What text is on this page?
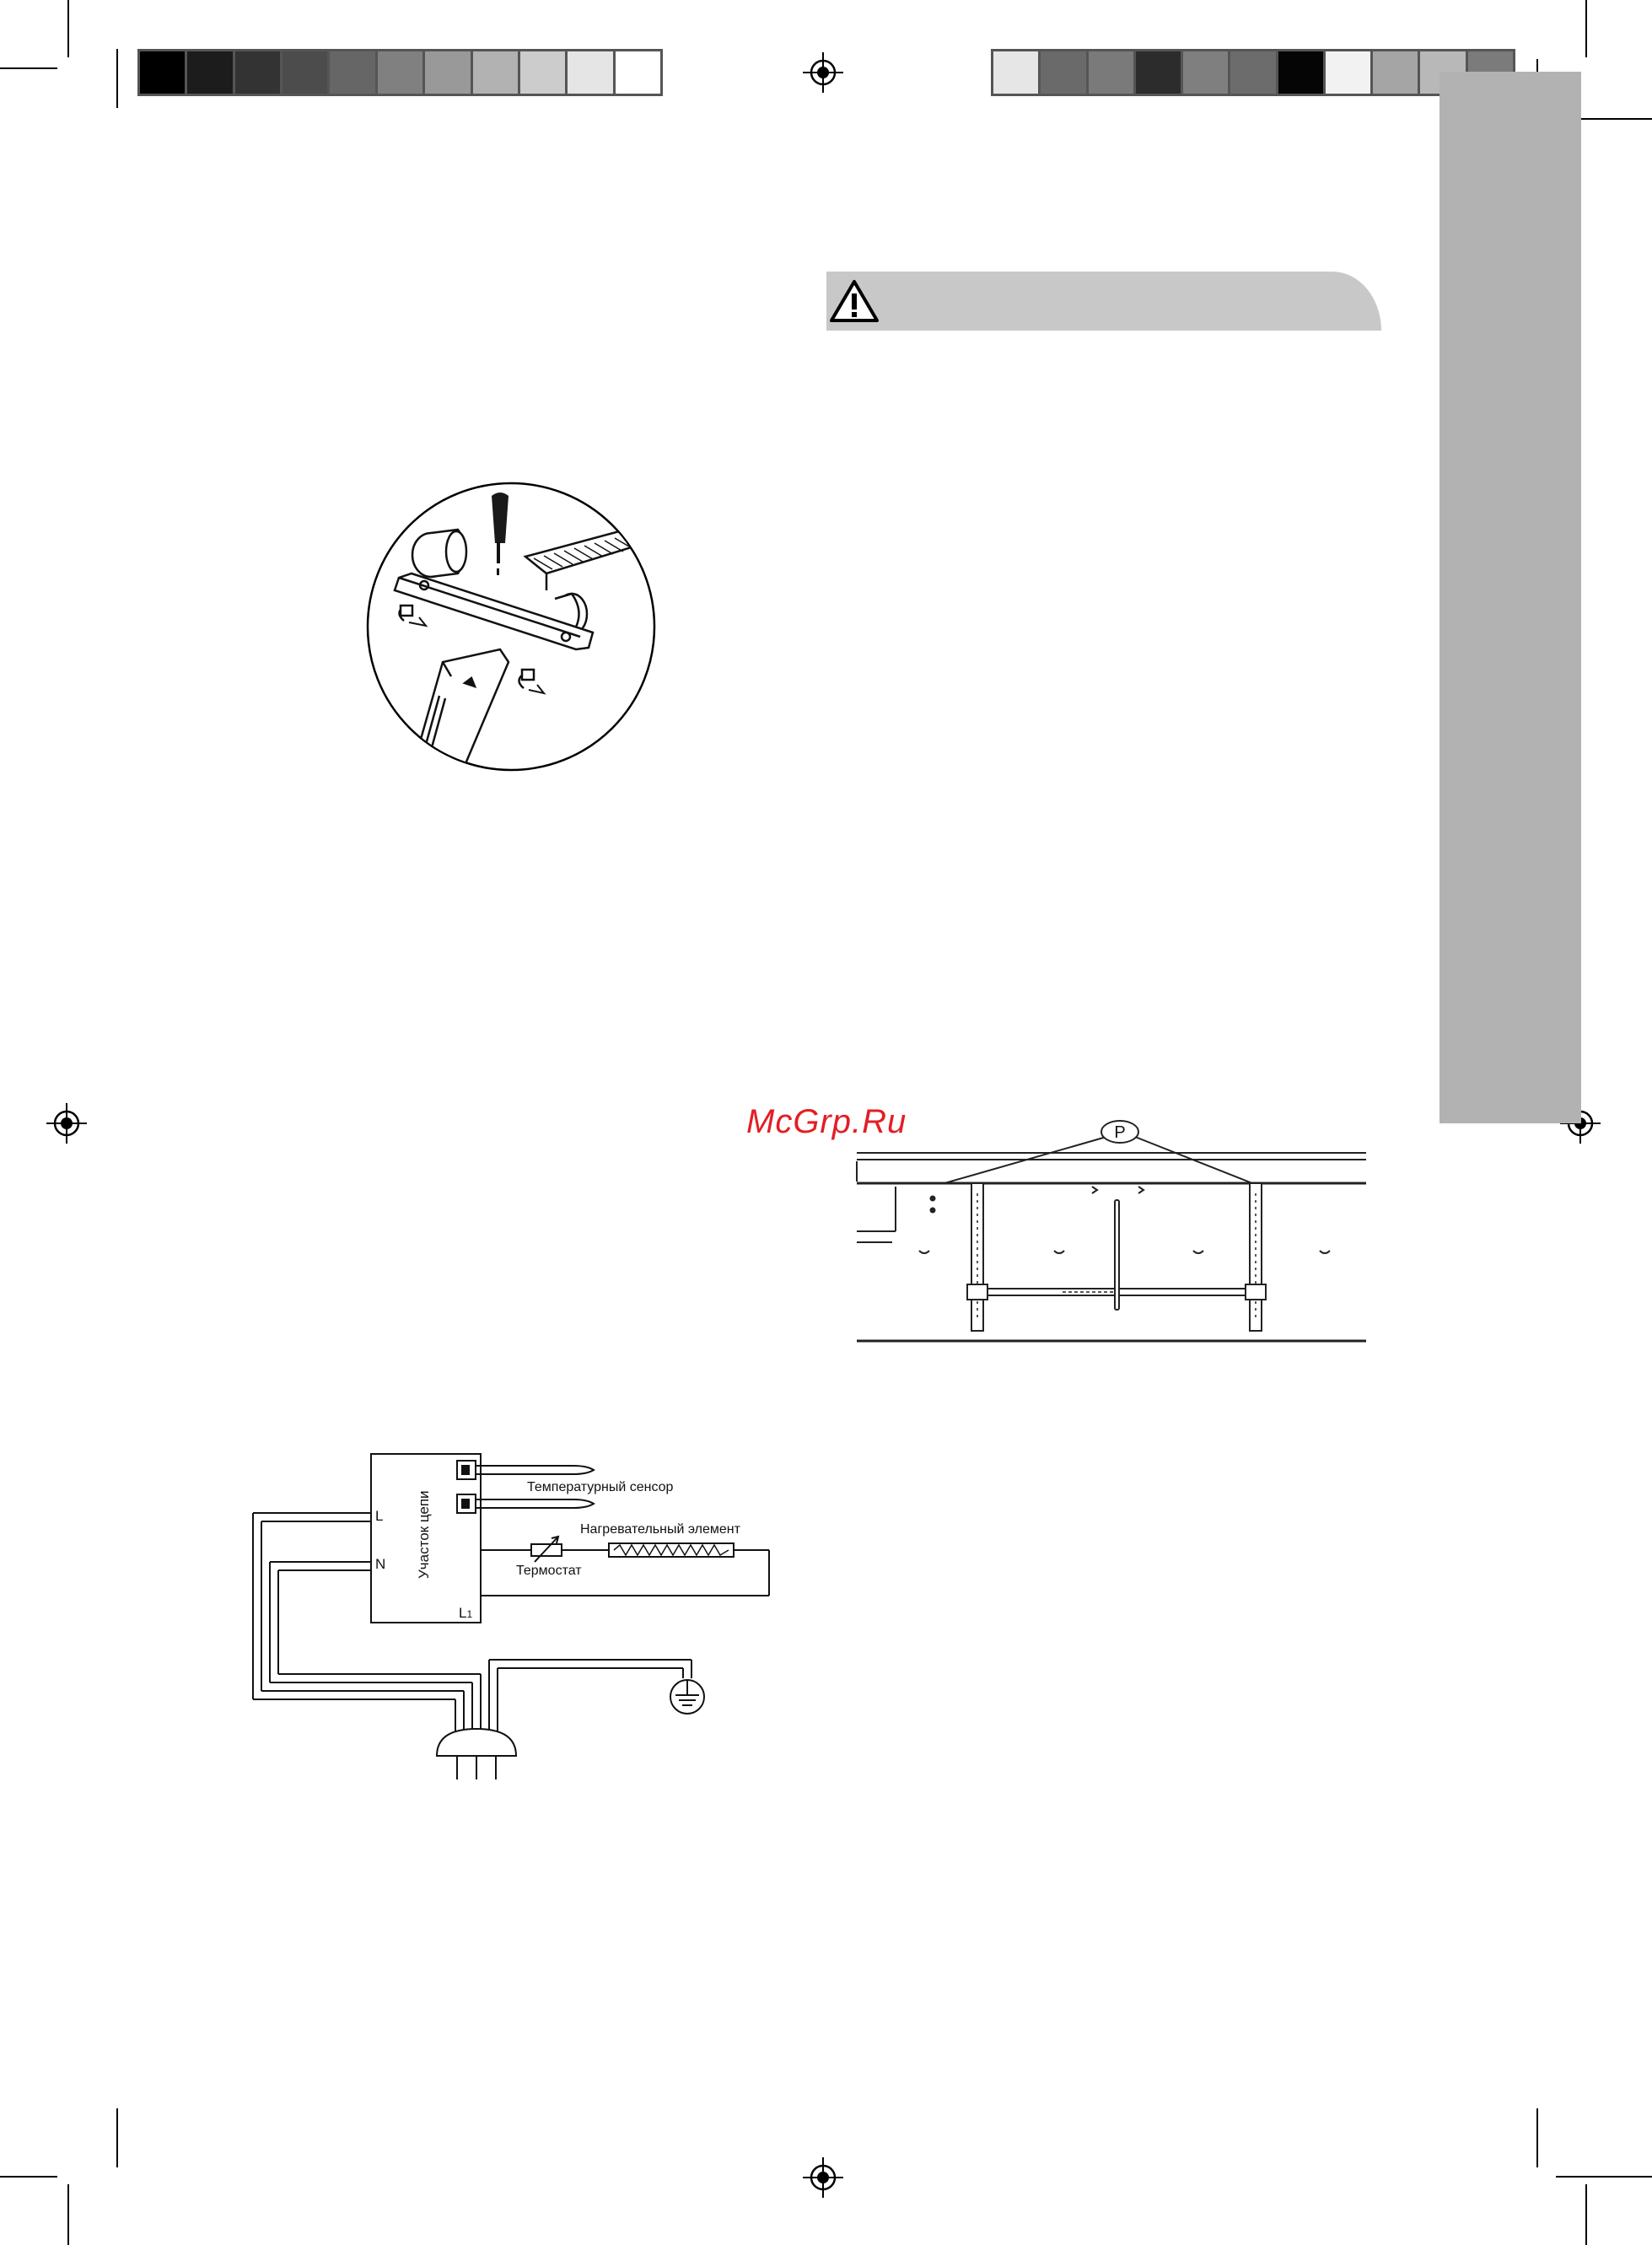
McGrp.Ru	P
L
N
L1
Участок цепи
Температурный сенсор
Нагревательный элемент
Термостат
